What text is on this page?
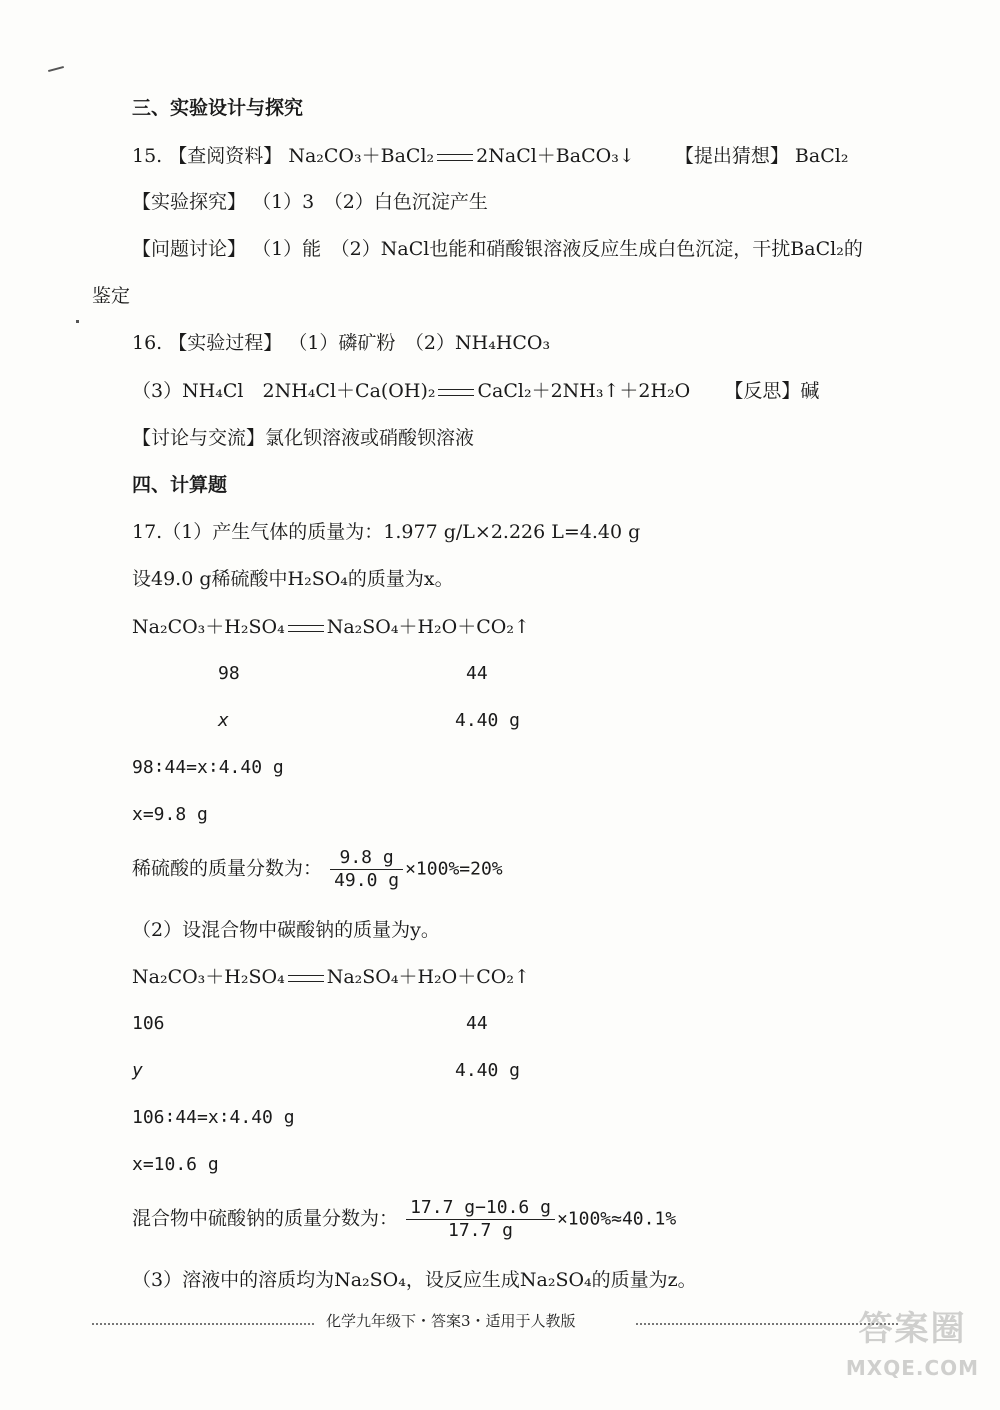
三、实验设计与探究
15. 【查阅资料】 Na₂CO₃＋BaCl₂ 2NaCl＋BaCO₃↓ 【提出猜想】 BaCl₂
【实验探究】 （1）3　（2）白色沉淀产生
【问题讨论】 （1）能　（2）NaCl也能和硝酸银溶液反应生成白色沉淀，干扰BaCl₂的
鉴定
16. 【实验过程】 （1）磷矿粉　（2）NH₄HCO₃
（3）NH₄Cl　2NH₄Cl＋Ca(OH)₂ CaCl₂＋2NH₃↑＋2H₂O 【反思】碱
【讨论与交流】氯化钡溶液或硝酸钡溶液
四、计算题
17.（1）产生气体的质量为：1.977 g/L×2.226 L=4.40 g
设49.0 g稀硫酸中H₂SO₄的质量为x。
Na₂CO₃＋H₂SO₄ Na₂SO₄＋H₂O＋CO₂↑
98	44
x	4.40 g
98∶44=x∶4.40 g
x=9.8 g
稀硫酸的质量分数为： $\frac{9.8 g}{49.0 g} \times 100\%=20\%$
（2）设混合物中碳酸钠的质量为y。
Na₂CO₃＋H₂SO₄ Na₂SO₄＋H₂O＋CO₂↑
106	44
y	4.40 g
106∶44=x∶4.40 g
x=10.6 g
混合物中硫酸钠的质量分数为： $\frac{17.7 g-10.6 g}{17.7 g} \times 100\%\approx 40.1\%$
（3）溶液中的溶质均为Na₂SO₄，设反应生成Na₂SO₄的质量为z。
化学九年级下・答案3・适用于人教版	答案圈
MXQE.COM
